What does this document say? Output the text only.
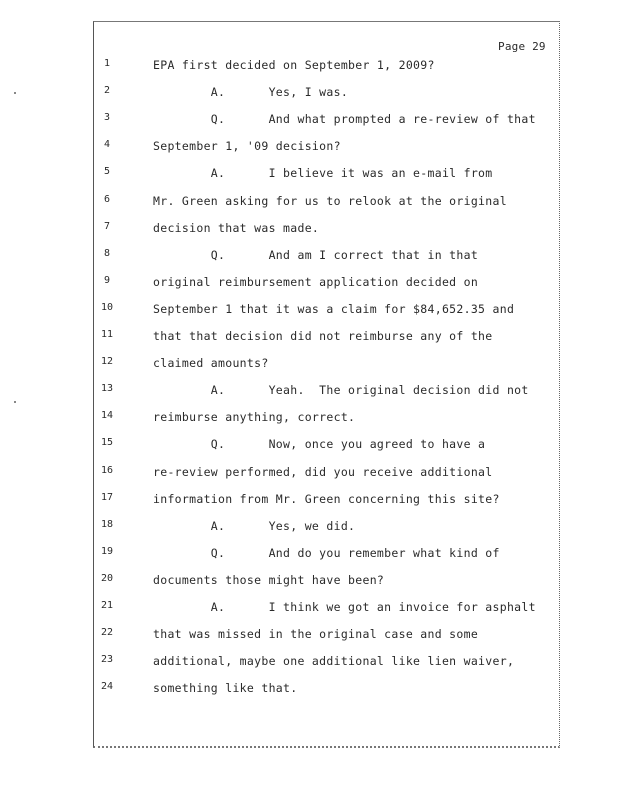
Page 29
1	EPA first decided on September 1, 2009?
2	A.      Yes, I was.
3	Q.      And what prompted a re-review of that
4	September 1, '09 decision?
5	A.      I believe it was an e-mail from
6	Mr. Green asking for us to relook at the original
7	decision that was made.
8	Q.      And am I correct that in that
9	original reimbursement application decided on
10	September 1 that it was a claim for $84,652.35 and
11	that that decision did not reimburse any of the
12	claimed amounts?
13	A.      Yeah.  The original decision did not
14	reimburse anything, correct.
15	Q.      Now, once you agreed to have a
16	re-review performed, did you receive additional
17	information from Mr. Green concerning this site?
18	A.      Yes, we did.
19	Q.      And do you remember what kind of
20	documents those might have been?
21	A.      I think we got an invoice for asphalt
22	that was missed in the original case and some
23	additional, maybe one additional like lien waiver,
24	something like that.
